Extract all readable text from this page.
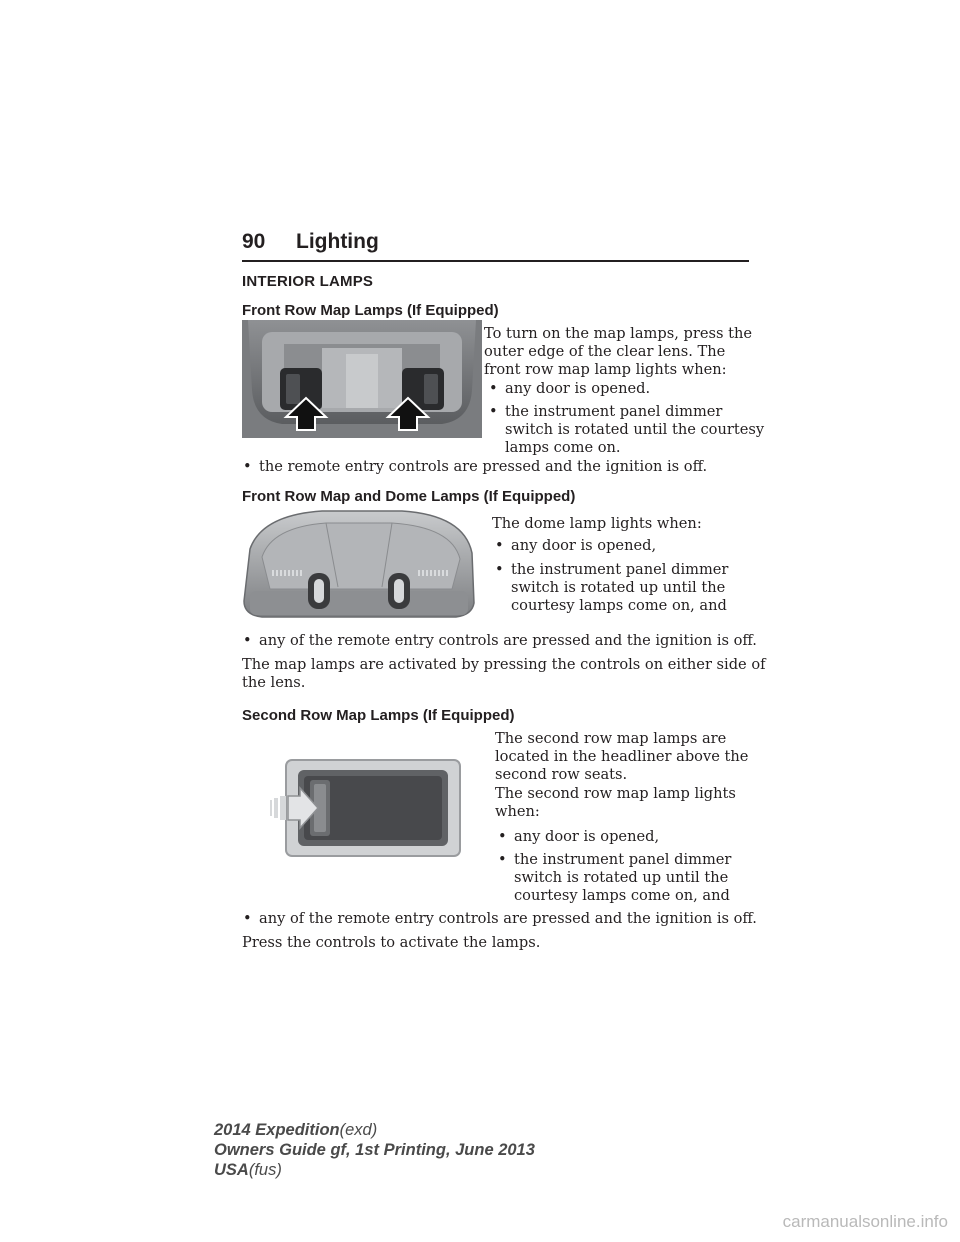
90 Lighting
INTERIOR LAMPS
Front Row Map Lamps (If Equipped)
To turn on the map lamps, press the
outer edge of the clear lens. The
front row map lamp lights when:
• any door is opened.
• the instrument panel dimmer
switch is rotated until the courtesy
lamps come on.
• the remote entry controls are pressed and the ignition is off.
Front Row Map and Dome Lamps (If Equipped)
The dome lamp lights when:
• any door is opened,
• the instrument panel dimmer
switch is rotated up until the
courtesy lamps come on, and
• any of the remote entry controls are pressed and the ignition is off.
The map lamps are activated by pressing the controls on either side of
the lens.
Second Row Map Lamps (If Equipped)
The second row map lamps are
located in the headliner above the
second row seats.
The second row map lamp lights
when:
• any door is opened,
• the instrument panel dimmer
switch is rotated up until the
courtesy lamps come on, and
• any of the remote entry controls are pressed and the ignition is off.
Press the controls to activate the lamps.
2014 Expedition(exd)
Owners Guide gf, 1st Printing, June 2013
USA(fus)
carmanualsonline.info
